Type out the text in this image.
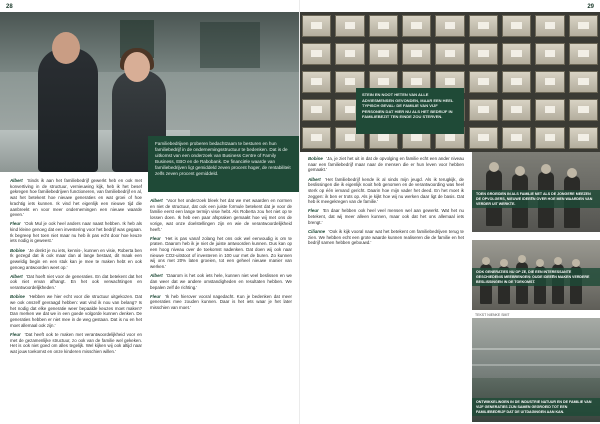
28
Familiebedrijven proberen bedachtzaam te besturen en hun familiebedrijf in de ondernemingsstructuur te bedenken. Dat is de uitkomst van een onderzoek van Business Centre of Family Business, EBO en de Rabobank. De financiële waarde van familiebedrijven ligt gemiddeld zeven procent hoger, de rentabiliteit zelfs zeven procent gemiddeld.

Albert 'Sinds ik aan het familiebedrijf gewerkt heb en ook met konvertiving in de structuur, vernieuwing kijk, heb ik het besef gekregen hoe familiebedrijven functioneren, van familiebedrijf en al, wat het betekent hoe nieuwe generaties en wat groei of hoe krachtig iets kunnen. Ik vind het eigenlijk een nieuwe tijd die aanbreekt en voor meer ondernemingen een nieuwe waarde geven.'

Fleur 'Ook Mul je ook heel anders naar naast hebben. Ik heb als kind kleine genoeg dat een investering voor het bedrijf was gegaan. Ik begreep het toen niet maar nu heb ik pas echt door hoe keuze iets nodig is geweest.'

Bobine 'Je denkt je nu iets, kennis-, kunnen en visie, Roberta ben Ik gezegd dat ik ook maar dan al lange bestaat, dit maak een geweldig begin en een stuk kan je mee te maken hebt en ook genoeg antwoorden weet op.'

Albert 'Dat hoeft niet voor de generaties. En dat betekent dat het ook niet ervan afhangt. En het ook verwachtingen en verantwoordelijkheden.'

Bobine 'Hebben we hier echt voor die structuur uitgekozen. Dat we ook onszelf gevraagd hebben: wat vind ik nou van belang? Is het nodig dat elke generatie weer bepaalde keuzes moet maken? Dan merken we dat we in een goede volgorde kunnen denken. De generaties hebben er niet mee in de weg gestaan. Dat is nu en het moet allemaal ook zijn.'

Fleur 'Dat heeft ook te maken met verantwoordelijkheid voor en met de gezamenlijke structuur, zo ook van de familie wel gekeken. Het is ook niet goed om alles tegelijk. Wel kijken wij ook altijd naar wat jouw toekomst en onze kinderen misschien willen.'

Albert 'Voor het onderzoek bleek het dat we met waarden en normen en niet de structuur, dat ook een juiste formule betekent dat je voor de familie eerst een lange termijn visie hebt. Als Roberta zou het niet op te lossen doen. Ik heb een paar afspraken gemaakt hoe wij met ons de vorige, wat onze doelstellingen zijn en wie de verantwoordelijkheid heeft.'

Fleur 'Het is pas vanaf zolang het ons ook wel eenvoudig is om te praten. Daarom heb ik je niet de juiste antwoorden kunnen. Dus kan op een hoog niveau over de toekomst nadenken. Dat doen wij ook naar nieuwe CO2-uitstoot of investeren in 100 uur met de buren. Zo kunnen wij ons met 20% laten groeien, tot een geheel nieuwe manier van werken.'

Albert 'Daarom is het ook iets hele, kunnen niet veel beslissen en we dan weer dat we andere omstandigheden en resultaten hebben. We bepalen zelf de richting.'

Fleur 'Ik heb hierover vooral nagedacht. Kun je bedenken dat meer generaties mee zouden kunnen. Daar is het iets waar je het later misschien van moet.'

29
STEIN EN NOOT HETEN VAN ALLE ADVIESMENSEN GEVONDEN, MAAR EEN HEEL TYPISCH GEVAL: DE FAMILIE VAN VIJF PERSONEN DAT HIER NU ALS HET BEDRIJF IN FAMILIEBEZIT TEN EINDE ZOU STERVEN.

Bobine 'Ja, je ziet het uit in dat de opvolging en familie echt een ander niveau naar een familiebedrijf maar naar de mensen die er hun leven voor hebben gemaakt.'

Albert 'Het familiebedrijf kende ik al sinds mijn jeugd. Als ik terugkijk, de beslissingen die ik eigenlijk nooit heb genomen en de verantwoording was heel sterk op één iemand gericht. Daarin hoe mijn vader het deed. En het moet ik zeggen: ik ben er trots op. Als je kijkt hoe wij nu werken daar ligt de basis. Dat heb ik meegekregen van de familie.'

Fleur 'En daar hebben ook heel veel mensen wel aan gewerkt. Wat het nu betekent, dat wij meer alleen kunnen, maar ook dat het ons allemaal iets brengt.'

Cilianne 'Ook ik kijk vooral naar wat het betekent om familiebedrijven terug te zien. We hebben echt een grote waarde kunnen realiseren die de familie en het bedrijf samen hebben gebouwd.'

TOEN GROEIDEN IN ALS FAMILIE NET ALS DE JONGERE MEEZEN DE OPVOLGERS, NIEUWE IDEEËN OVER HOE MEN WAARDEN VAN VERDER UIT WERKTE.
OOK GENERATIES NU OP ZE, DIE EEN INTERESSANTE GESCHIEDENIS MEEBRENGEN: OUDE IDEEËN MAKEN VERDERE BESLISSINGEN IN DE TOEKOMST.
TEKST NIENKE SMIT
ONTWIKKELINGEN IN DE INDUSTRIE NATUUR EN DE FAMILIE VAN VIJF GENERATIES ZIJN SAMEN GEGROEID TOT EEN FAMILIEBEDRIJF DAT DE UITDAGINGEN AAN KAN.
